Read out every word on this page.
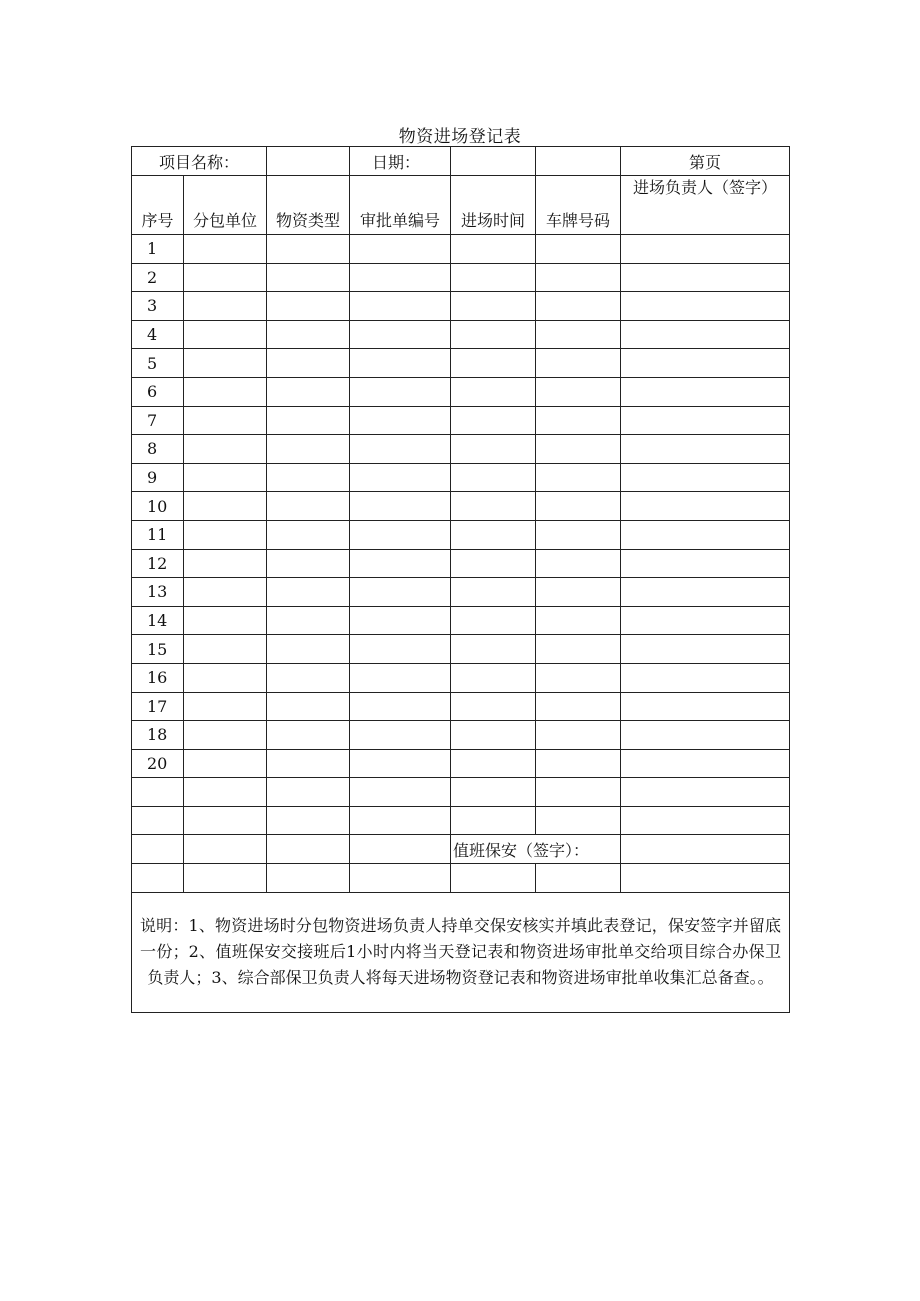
物资进场登记表
项目名称：			日期：			第页
序号	分包单位	物资类型	审批单编号	进场时间	车牌号码	进场负责人（签字）
1						
2						
3						
4						
5						
6						
7						
8						
9						
10						
11						
12						
13						
14						
15						
16						
17						
18						
20						

				值班保安（签字）：		

说明：1、物资进场时分包物资进场负责人持单交保安核实并填此表登记，保安签字并留底一份；2、值班保安交接班后1小时内将当天登记表和物资进场审批单交给项目综合办保卫负责人；3、综合部保卫负责人将每天进场物资登记表和物资进场审批单收集汇总备查。。						
